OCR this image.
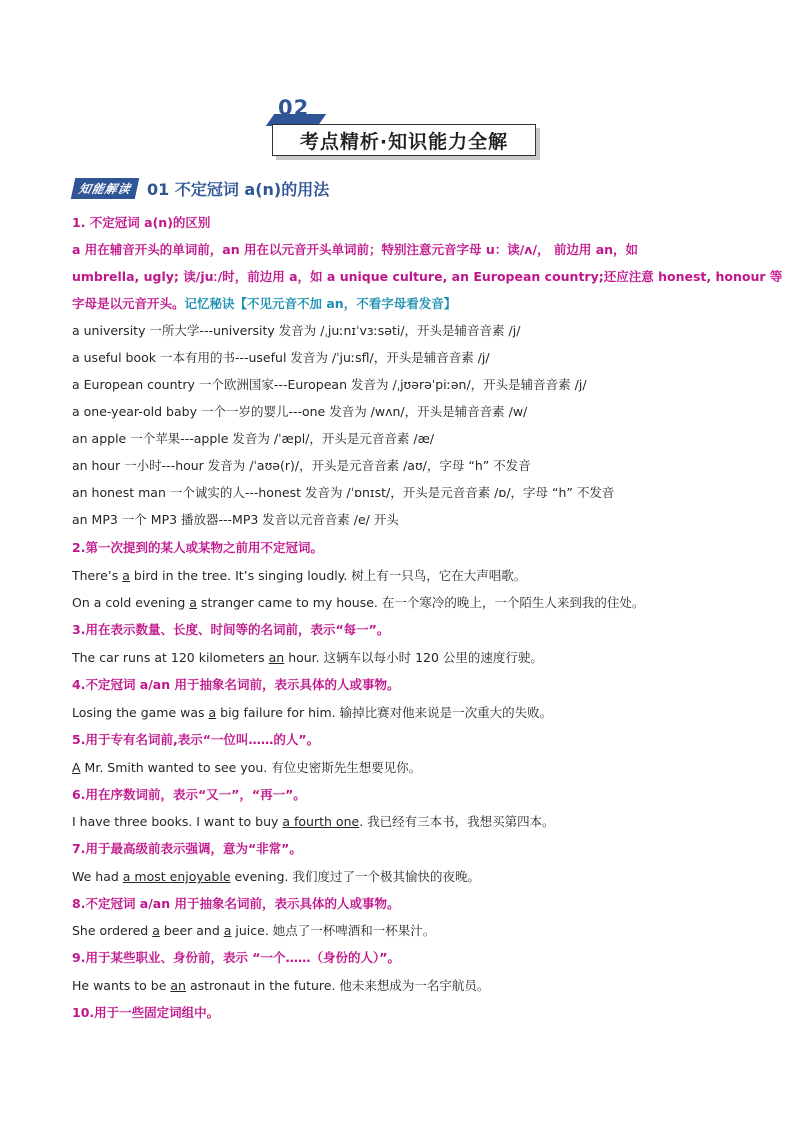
02
考点精析·知识能力全解
知能解读 01 不定冠词 a(n)的用法
1. 不定冠词 a(n)的区别
a 用在辅音开头的单词前，an 用在以元音开头单词前；特别注意元音字母 u：读/ʌ/， 前边用 an，如
umbrella, ugly; 读/juː/时，前边用 a，如 a unique culture, an European country;还应注意 honest, honour 等
字母是以元音开头。记忆秘诀【不见元音不加 an，不看字母看发音】
a university 一所大学---university 发音为 /ˌjuːnɪˈvɜːsəti/，开头是辅音音素 /j/
a useful book 一本有用的书---useful 发音为 /ˈjuːsfl/，开头是辅音音素 /j/
a European country 一个欧洲国家---European 发音为 /ˌjʊərəˈpiːən/，开头是辅音音素 /j/
a one-year-old baby 一个一岁的婴儿---one 发音为 /wʌn/，开头是辅音音素 /w/
an apple 一个苹果---apple 发音为 /ˈæpl/，开头是元音音素 /æ/
an hour 一小时---hour 发音为 /ˈaʊə(r)/，开头是元音音素 /aʊ/，字母 “h” 不发音
an honest man 一个诚实的人---honest 发音为 /ˈɒnɪst/，开头是元音音素 /ɒ/，字母 “h” 不发音
an MP3 一个 MP3 播放器---MP3 发音以元音音素 /e/ 开头
2.第一次提到的某人或某物之前用不定冠词。
There’s a bird in the tree. It’s singing loudly. 树上有一只鸟，它在大声唱歌。
On a cold evening a stranger came to my house. 在一个寒冷的晚上，一个陌生人来到我的住处。
3.用在表示数量、长度、时间等的名词前，表示“每一”。
The car runs at 120 kilometers an hour. 这辆车以每小时 120 公里的速度行驶。
4.不定冠词 a/an 用于抽象名词前，表示具体的人或事物。
Losing the game was a big failure for him. 输掉比赛对他来说是一次重大的失败。
5.用于专有名词前,表示“一位叫……的人”。
A Mr. Smith wanted to see you. 有位史密斯先生想要见你。
6.用在序数词前，表示“又一”，“再一”。
I have three books. I want to buy a fourth one. 我已经有三本书，我想买第四本。
7.用于最高级前表示强调，意为“非常”。
We had a most enjoyable evening. 我们度过了一个极其愉快的夜晚。
8.不定冠词 a/an 用于抽象名词前，表示具体的人或事物。
She ordered a beer and a juice. 她点了一杯啤酒和一杯果汁。
9.用于某些职业、身份前，表示 “一个……（身份的人）”。
He wants to be an astronaut in the future. 他未来想成为一名宇航员。
10.用于一些固定词组中。
